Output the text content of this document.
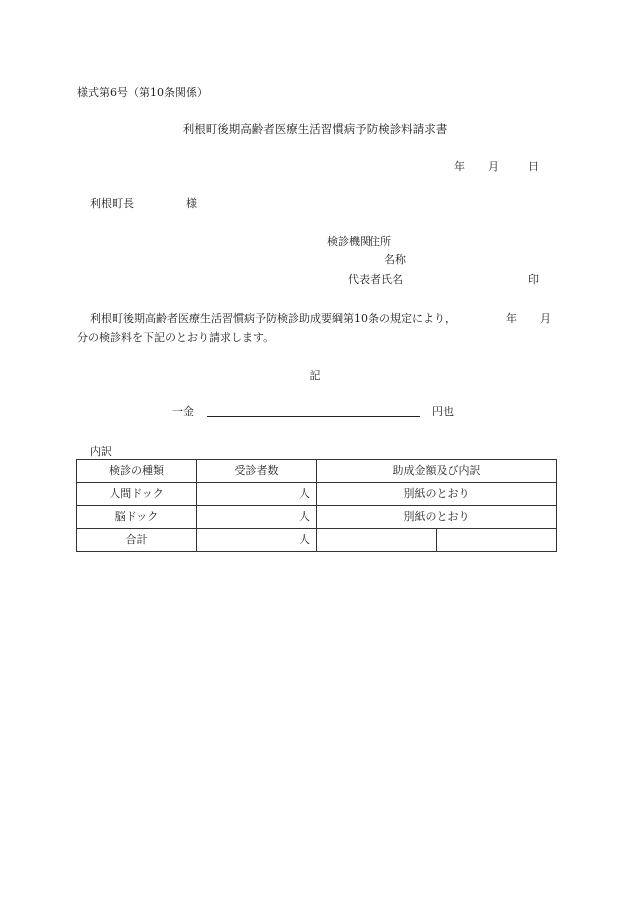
様式第6号（第10条関係）
利根町後期高齢者医療生活習慣病予防検診料請求書
年 月	日
利根町長	様
検診機関住所
名称
代表者氏名	印
利根町後期高齢者医療生活習慣病予防検診助成要綱第10条の規定により，	年 月
分の検診料を下記のとおり請求します。
記
一金	円也
内訳
検診の種類	受診者数	助成金額及び内訳	
人間ドック	人	別紙のとおり	
脳ドック	人	別紙のとおり	
合計	人		
